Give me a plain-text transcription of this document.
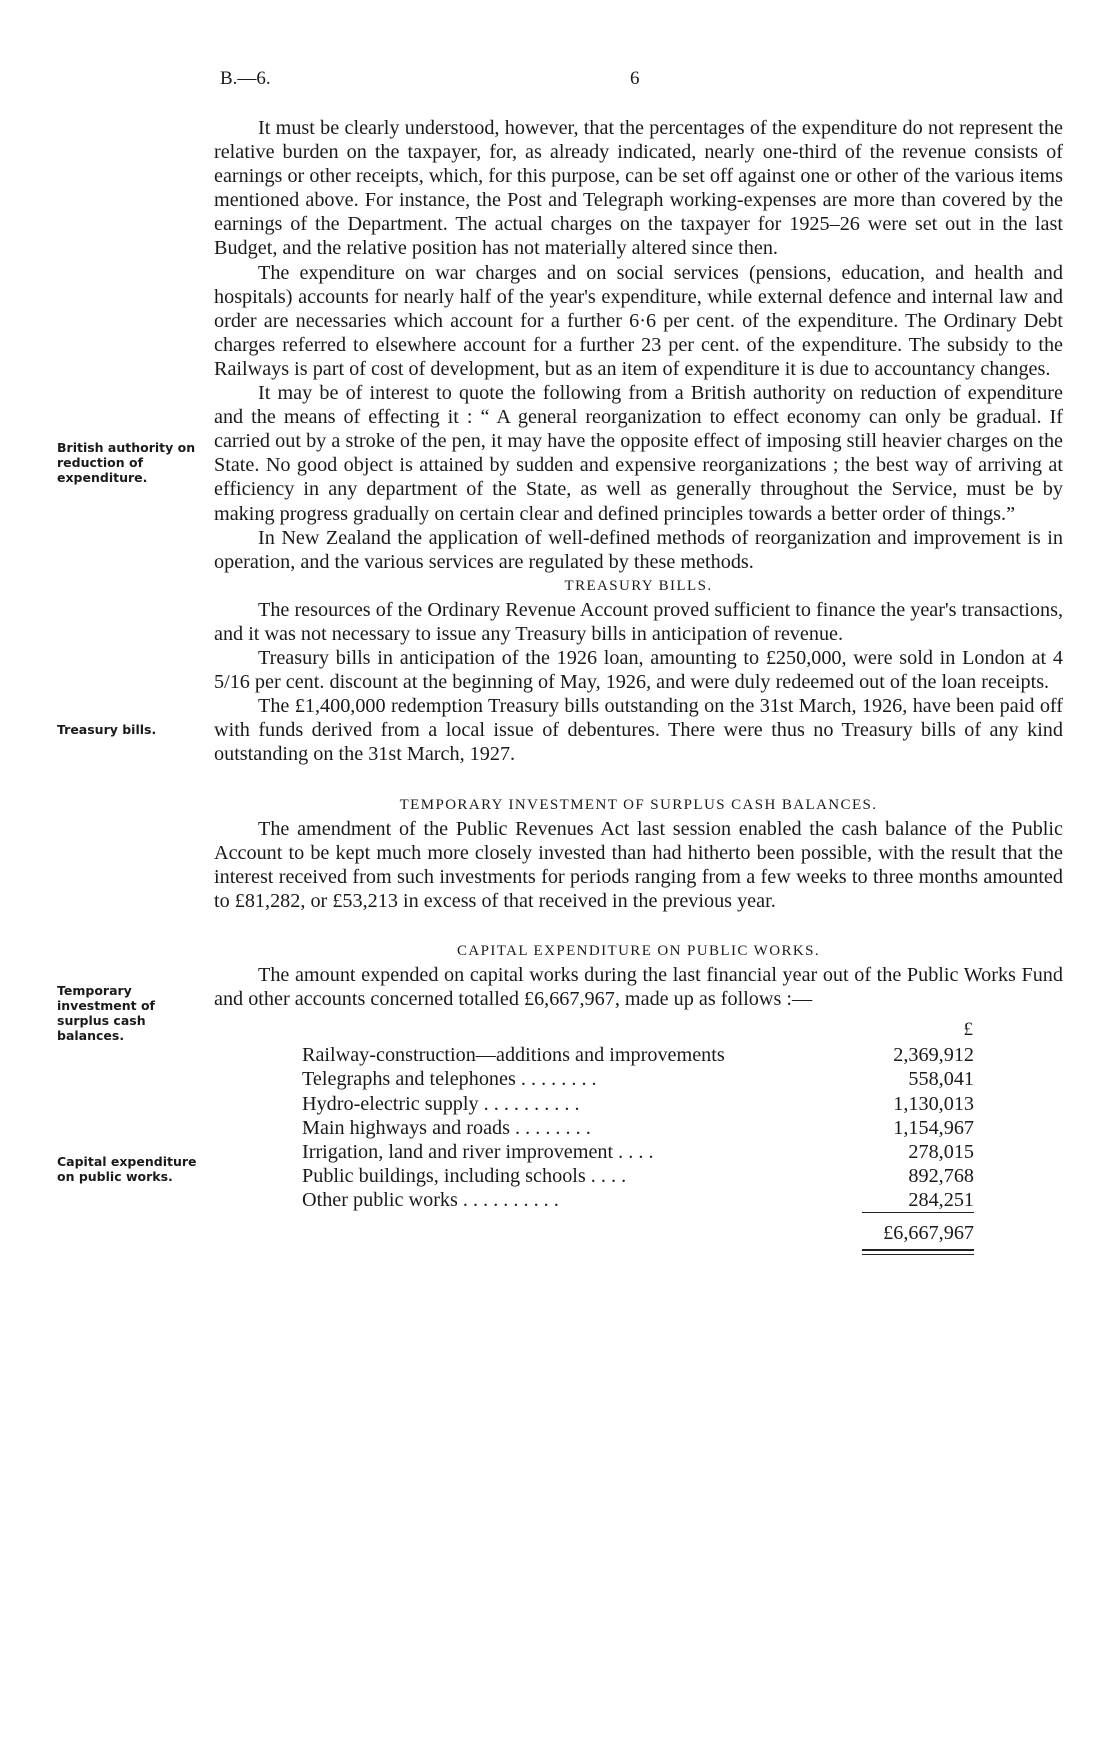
B.—6.	6
British authority on reduction of expenditure.
Treasury bills.
Temporary investment of surplus cash balances.
Capital expenditure on public works.

It must be clearly understood, however, that the percentages of the expenditure do not represent the relative burden on the taxpayer, for, as already indicated, nearly one-third of the revenue consists of earnings or other receipts, which, for this purpose, can be set off against one or other of the various items mentioned above. For instance, the Post and Telegraph working-expenses are more than covered by the earnings of the Department. The actual charges on the taxpayer for 1925–26 were set out in the last Budget, and the relative position has not materially altered since then.

The expenditure on war charges and on social services (pensions, education, and health and hospitals) accounts for nearly half of the year's expenditure, while external defence and internal law and order are necessaries which account for a further 6·6 per cent. of the expenditure. The Ordinary Debt charges referred to elsewhere account for a further 23 per cent. of the expenditure. The subsidy to the Railways is part of cost of development, but as an item of expenditure it is due to accountancy changes.

It may be of interest to quote the following from a British authority on reduction of expenditure and the means of effecting it : “ A general reorganization to effect economy can only be gradual. If carried out by a stroke of the pen, it may have the opposite effect of imposing still heavier charges on the State. No good object is attained by sudden and expensive reorganizations ; the best way of arriving at efficiency in any department of the State, as well as generally throughout the Service, must be by making progress gradually on certain clear and defined principles towards a better order of things.”

In New Zealand the application of well-defined methods of reorganization and improvement is in operation, and the various services are regulated by these methods.

TREASURY BILLS.

The resources of the Ordinary Revenue Account proved sufficient to finance the year's transactions, and it was not necessary to issue any Treasury bills in anticipation of revenue.

Treasury bills in anticipation of the 1926 loan, amounting to £250,000, were sold in London at 4 5/16 per cent. discount at the beginning of May, 1926, and were duly redeemed out of the loan receipts.

The £1,400,000 redemption Treasury bills outstanding on the 31st March, 1926, have been paid off with funds derived from a local issue of debentures. There were thus no Treasury bills of any kind outstanding on the 31st March, 1927.

TEMPORARY INVESTMENT OF SURPLUS CASH BALANCES.

The amendment of the Public Revenues Act last session enabled the cash balance of the Public Account to be kept much more closely invested than had hitherto been possible, with the result that the interest received from such investments for periods ranging from a few weeks to three months amounted to £81,282, or £53,213 in excess of that received in the previous year.

CAPITAL EXPENDITURE ON PUBLIC WORKS.

The amount expended on capital works during the last financial year out of the Public Works Fund and other accounts concerned totalled £6,667,967, made up as follows :—

	£
Railway-construction—additions and improvements	2,369,912
Telegraphs and telephones . . . . . . . .	558,041
Hydro-electric supply . . . . . . . . . .	1,130,013
Main highways and roads . . . . . . . .	1,154,967
Irrigation, land and river improvement . . . .	278,015
Public buildings, including schools . . . .	892,768
Other public works . . . . . . . . . .	284,251

	£6,667,967
